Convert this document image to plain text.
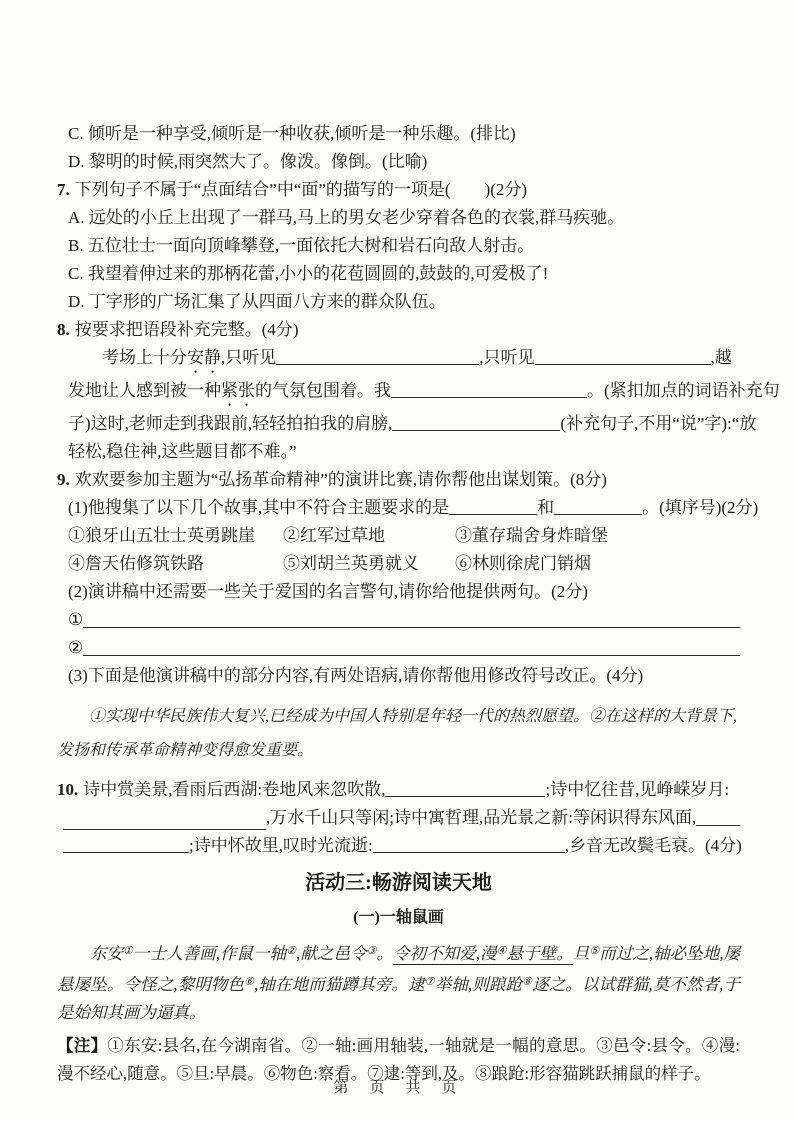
C. 倾听是一种享受,倾听是一种收获,倾听是一种乐趣。(排比)
D. 黎明的时候,雨突然大了。像泼。像倒。(比喻)
7. 下列句子不属于“点面结合”中“面”的描写的一项是(　　)(2分)
A. 远处的小丘上出现了一群马,马上的男女老少穿着各色的衣裳,群马疾驰。
B. 五位壮士一面向顶峰攀登,一面依托大树和岩石向敌人射击。
C. 我望着伸过来的那柄花蕾,小小的花苞圆圆的,鼓鼓的,可爱极了!
D. 丁字形的广场汇集了从四面八方来的群众队伍。
8. 按要求把语段补充完整。(4分)
考场上十分安静,只听见	,只听见	,越
发地让人感到被一种紧张的气氛包围着。我	。(紧扣加点的词语补充句
子)这时,老师走到我跟前,轻轻拍拍我的肩膀,	(补充句子,不用“说”字):“放
轻松,稳住神,这些题目都不难。”
9. 欢欢要参加主题为“弘扬革命精神”的演讲比赛,请你帮他出谋划策。(8分)
(1)他搜集了以下几个故事,其中不符合主题要求的是	和	。(填序号)(2分)
①狼牙山五壮士英勇跳崖	②红军过草地	③董存瑞舍身炸暗堡
④詹天佑修筑铁路	⑤刘胡兰英勇就义	⑥林则徐虎门销烟
(2)演讲稿中还需要一些关于爱国的名言警句,请你给他提供两句。(2分)
①
②
(3)下面是他演讲稿中的部分内容,有两处语病,请你帮他用修改符号改正。(4分)
①实现中华民族伟大复兴,已经成为中国人特别是年轻一代的热烈愿望。②在这样的大背景下,
发扬和传承革命精神变得愈发重要。
10. 诗中赏美景,看雨后西湖:卷地风来忽吹散,	;诗中忆往昔,见峥嵘岁月:
,万水千山只等闲;诗中寓哲理,品光景之新:等闲识得东风面,
;诗中怀故里,叹时光流逝:	,乡音无改鬓毛衰。(4分)
活动三:畅游阅读天地
(一)一轴鼠画
东安①一士人善画,作鼠一轴②,献之邑令③。令初不知爱,漫④悬于壁。旦⑤而过之,轴必坠地,屡悬屡坠。令怪之,黎明物色⑥,轴在地而猫蹲其旁。逮⑦举轴,则踉跄⑧逐之。以试群猫,莫不然者,于是始知其画为逼真。
【注】①东安:县名,在今湖南省。②一轴:画用轴装,一轴就是一幅的意思。③邑令:县令。④漫:漫不经心,随意。⑤旦:早晨。⑥物色:察看。⑦逮:等到,及。⑧踉跄:形容猫跳跃捕鼠的样子。
第　页　共　页
